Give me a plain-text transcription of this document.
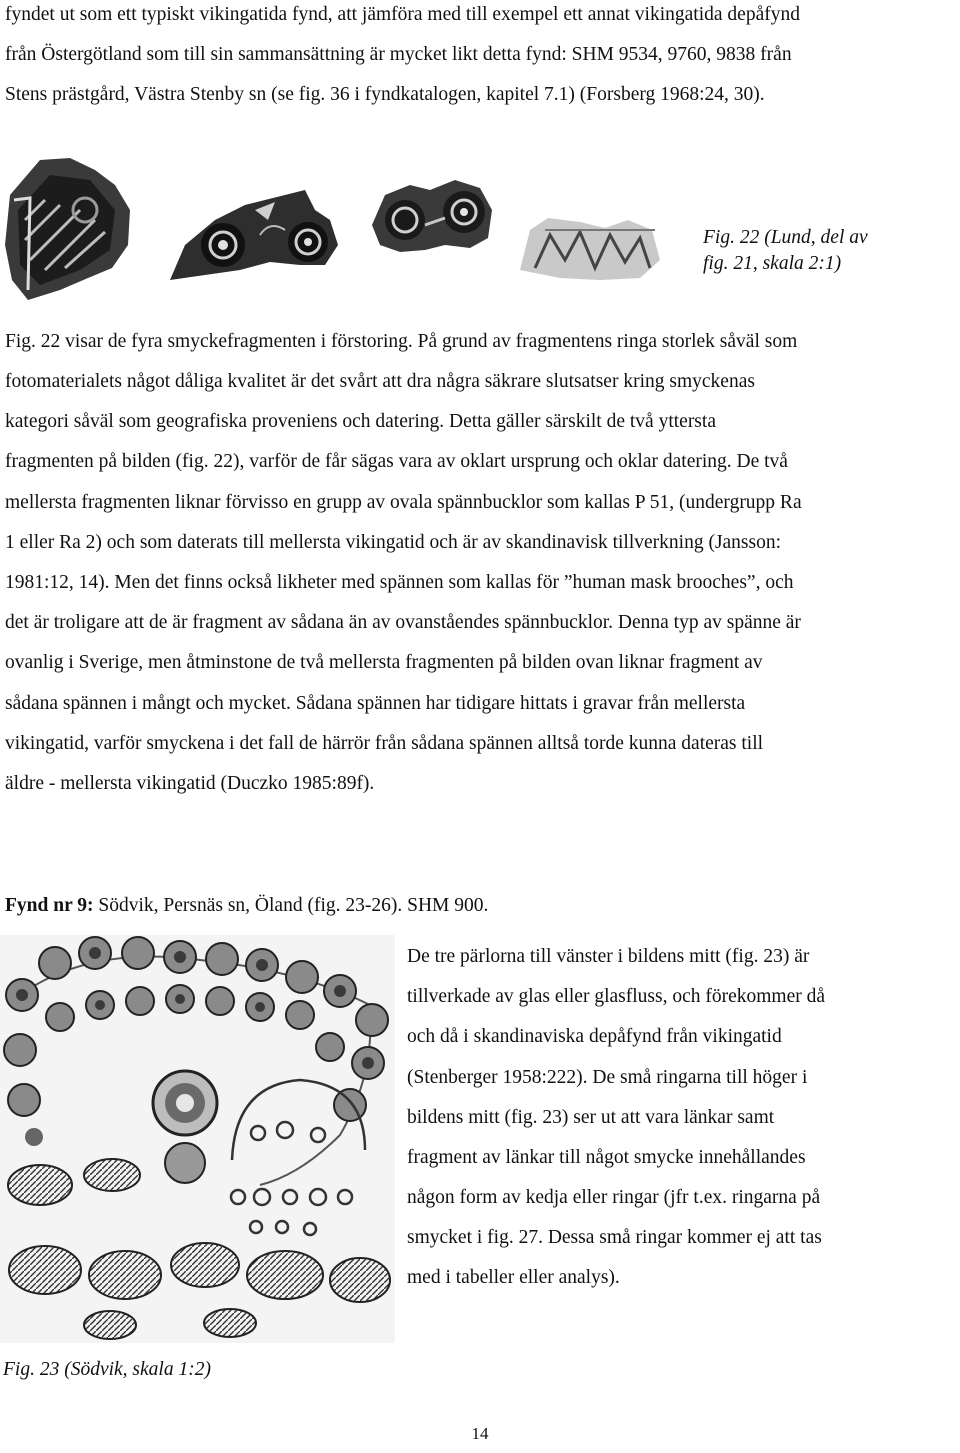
fyndet ut som ett typiskt vikingatida fynd, att jämföra med till exempel ett annat vikingatida depåfynd
från Östergötland som till sin sammansättning är mycket likt detta fynd: SHM 9534, 9760, 9838 från
Stens prästgård, Västra Stenby sn (se fig. 36 i fyndkatalogen, kapitel 7.1) (Forsberg 1968:24, 30).
Fig. 22 (Lund, del av
fig. 21, skala 2:1)
Fig. 22 visar de fyra smyckefragmenten i förstoring. På grund av fragmentens ringa storlek såväl som
fotomaterialets något dåliga kvalitet är det svårt att dra några säkrare slutsatser kring smyckenas
kategori såväl som geografiska proveniens och datering. Detta gäller särskilt de två yttersta
fragmenten på bilden (fig. 22), varför de får sägas vara av oklart ursprung och oklar datering. De två
mellersta fragmenten liknar förvisso en grupp av ovala spännbucklor som kallas P 51, (undergrupp Ra
1 eller Ra 2) och som daterats till mellersta vikingatid och är av skandinavisk tillverkning (Jansson:
1981:12, 14). Men det finns också likheter med spännen som kallas för ”human mask brooches”, och
det är troligare att de är fragment av sådana än av ovanståendes spännbucklor. Denna typ av spänne är
ovanlig i Sverige, men åtminstone de två mellersta fragmenten på bilden ovan liknar fragment av
sådana spännen i mångt och mycket. Sådana spännen har tidigare hittats i gravar från mellersta
vikingatid, varför smyckena i det fall de härrör från sådana spännen alltså torde kunna dateras till
äldre - mellersta vikingatid (Duczko 1985:89f).
Fynd nr 9: Södvik, Persnäs sn, Öland (fig. 23-26). SHM 900.
De tre pärlorna till vänster i bildens mitt (fig. 23) är
tillverkade av glas eller glasfluss, och förekommer då
och då i skandinaviska depåfynd från vikingatid
(Stenberger 1958:222). De små ringarna till höger i
bildens mitt (fig. 23) ser ut att vara länkar samt
fragment av länkar till något smycke innehållandes
någon form av kedja eller ringar (jfr t.ex. ringarna på
smycket i fig. 27. Dessa små ringar kommer ej att tas
med i tabeller eller analys).
Fig. 23 (Södvik, skala 1:2)
14
